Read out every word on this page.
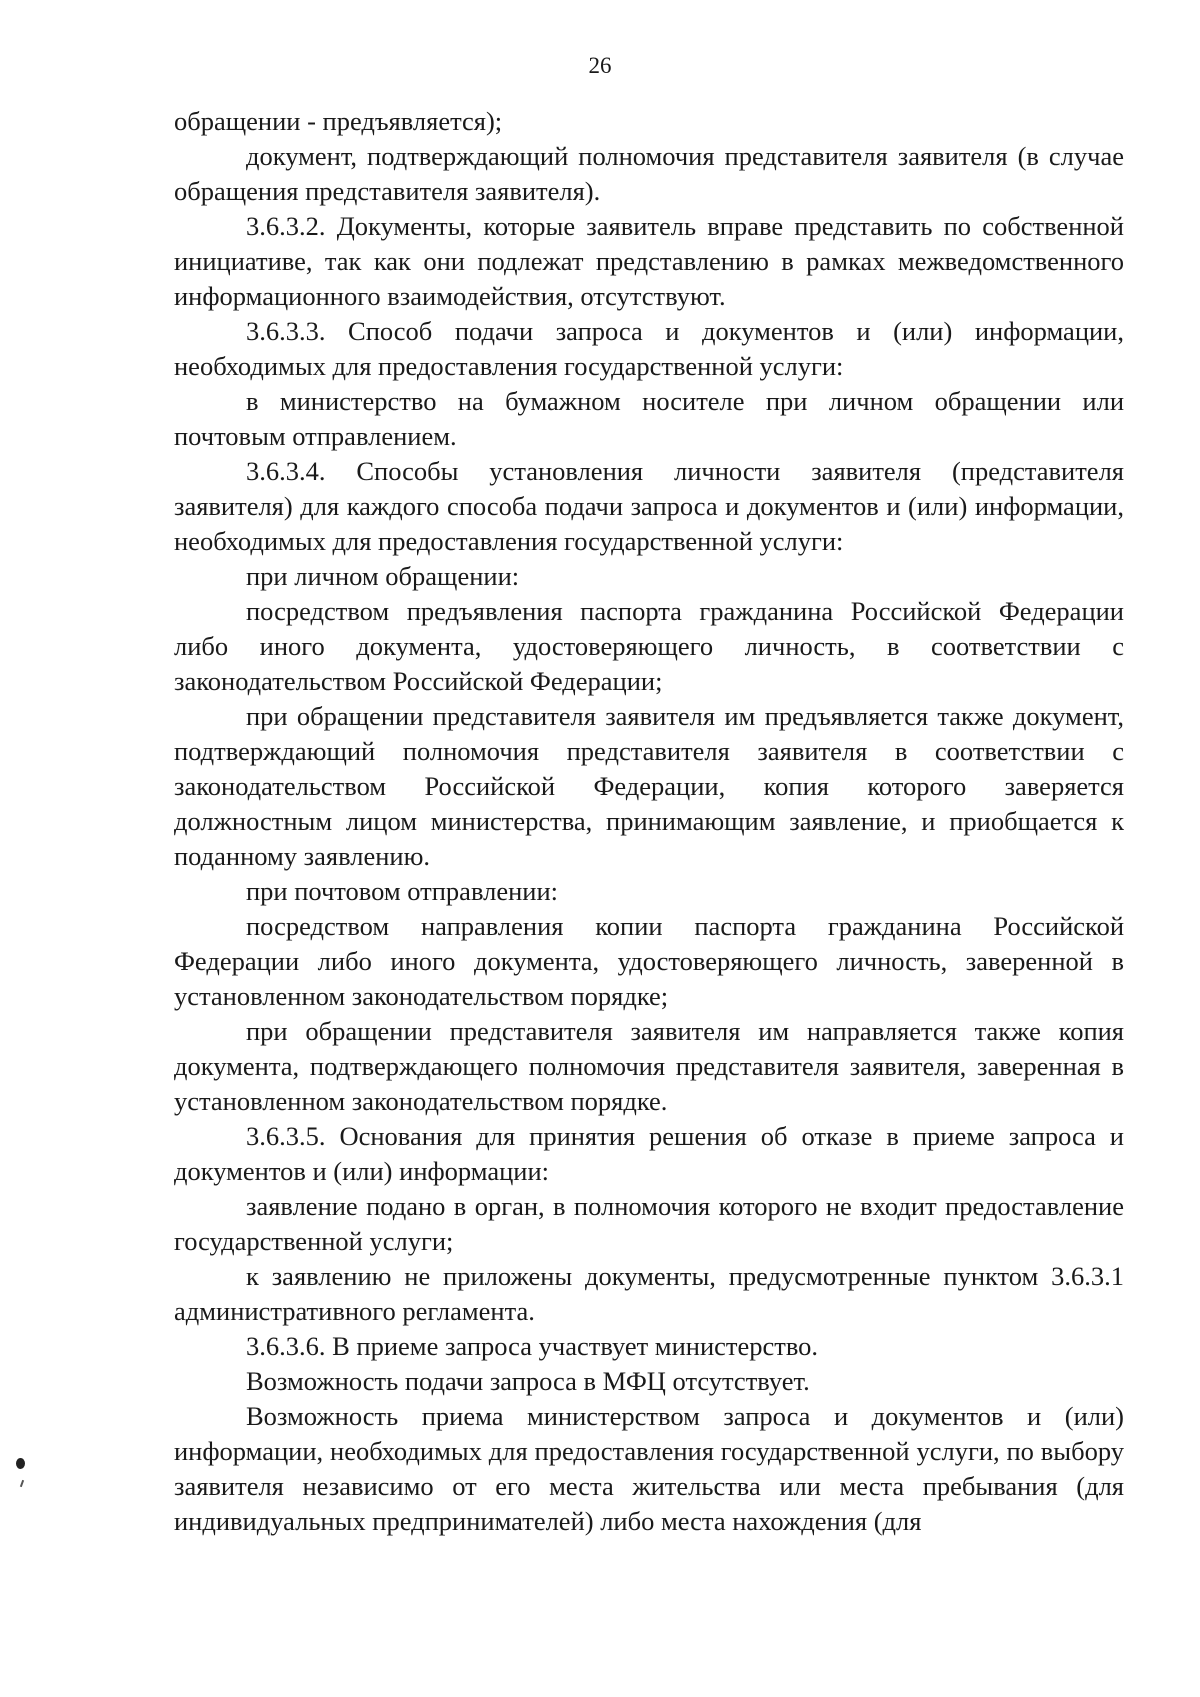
26

обращении - предъявляется);

документ, подтверждающий полномочия представителя заявителя (в случае обращения представителя заявителя).

3.6.3.2. Документы, которые заявитель вправе представить по собственной инициативе, так как они подлежат представлению в рамках межведомственного информационного взаимодействия, отсутствуют.

3.6.3.3. Способ подачи запроса и документов и (или) информации, необходимых для предоставления государственной услуги:

в министерство на бумажном носителе при личном обращении или почтовым отправлением.

3.6.3.4. Способы установления личности заявителя (представителя заявителя) для каждого способа подачи запроса и документов и (или) информации, необходимых для предоставления государственной услуги:

при личном обращении:

посредством предъявления паспорта гражданина Российской Федерации либо иного документа, удостоверяющего личность, в соответствии с законодательством Российской Федерации;

при обращении представителя заявителя им предъявляется также документ, подтверждающий полномочия представителя заявителя в соответствии с законодательством Российской Федерации, копия которого заверяется должностным лицом министерства, принимающим заявление, и приобщается к поданному заявлению.

при почтовом отправлении:

посредством направления копии паспорта гражданина Российской Федерации либо иного документа, удостоверяющего личность, заверенной в установленном законодательством порядке;

при обращении представителя заявителя им направляется также копия документа, подтверждающего полномочия представителя заявителя, заверенная в установленном законодательством порядке.

3.6.3.5. Основания для принятия решения об отказе в приеме запроса и документов и (или) информации:

заявление подано в орган, в полномочия которого не входит предоставление государственной услуги;

к заявлению не приложены документы, предусмотренные пунктом 3.6.3.1 административного регламента.

3.6.3.6. В приеме запроса участвует министерство.

Возможность подачи запроса в МФЦ отсутствует.

Возможность приема министерством запроса и документов и (или) информации, необходимых для предоставления государственной услуги, по выбору заявителя независимо от его места жительства или места пребывания (для индивидуальных предпринимателей) либо места нахождения (для
